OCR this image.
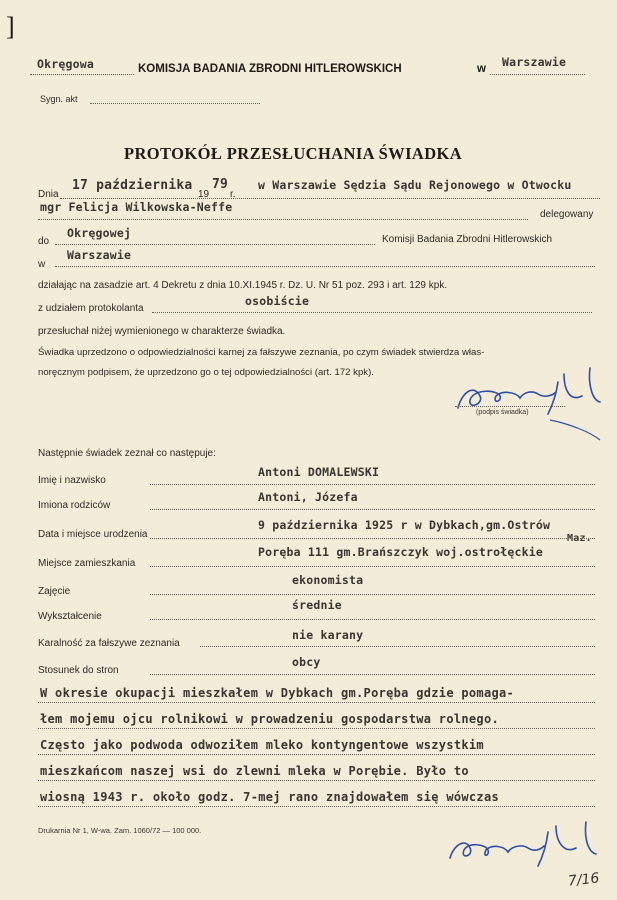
]
Okręgowa	KOMISJA BADANIA ZBRODNI HITLEROWSKICH	w Warszawie
Sygn. akt
PROTOKÓŁ PRZESŁUCHANIA ŚWIADKA
Dnia
17 października
19
79
r.
w Warszawie Sędzia Sądu Rejonowego w Otwocku
mgr Felicja Wilkowska-Neffe
delegowany
do
Okręgowej	Komisji Badania Zbrodni Hitlerowskich
Warszawie
w
działając na zasadzie art. 4 Dekretu z dnia 10.XI.1945 r. Dz. U. Nr 51 poz. 293 i art. 129 kpk.
z udziałem protokolanta
osobiście
przesłuchał niżej wymienionego w charakterze świadka.
Świadka uprzedzono o odpowiedzialności karnej za fałszywe zeznania, po czym świadek stwierdza włas-
noręcznym podpisem, że uprzedzono go o tej odpowiedzialności (art. 172 kpk).
(podpis świadka)
Następnie świadek zeznał co następuje:
Imię i nazwisko
Antoni DOMALEWSKI
Imiona rodziców
Antoni, Józefa
Data i miejsce urodzenia
9 października 1925 r w Dybkach,gm.Ostrów
Maz.
Miejsce zamieszkania
Poręba 111 gm.Brańszczyk woj.ostrołęckie
Zajęcie
ekonomista
Wykształcenie
średnie
Karalność za fałszywe zeznania
nie karany
Stosunek do stron
obcy
W okresie okupacji mieszkałem w Dybkach gm.Poręba gdzie pomaga-
łem mojemu ojcu rolnikowi w prowadzeniu gospodarstwa rolnego.
Często jako podwoda odwoziłem mleko kontyngentowe wszystkim
mieszkańcom naszej wsi do zlewni mleka w Porębie. Było to
wiosną 1943 r. około godz. 7-mej rano znajdowałem się wówczas
Drukarnia Nr 1, W-wa. Zam. 1060/72 — 100 000.
7/16
